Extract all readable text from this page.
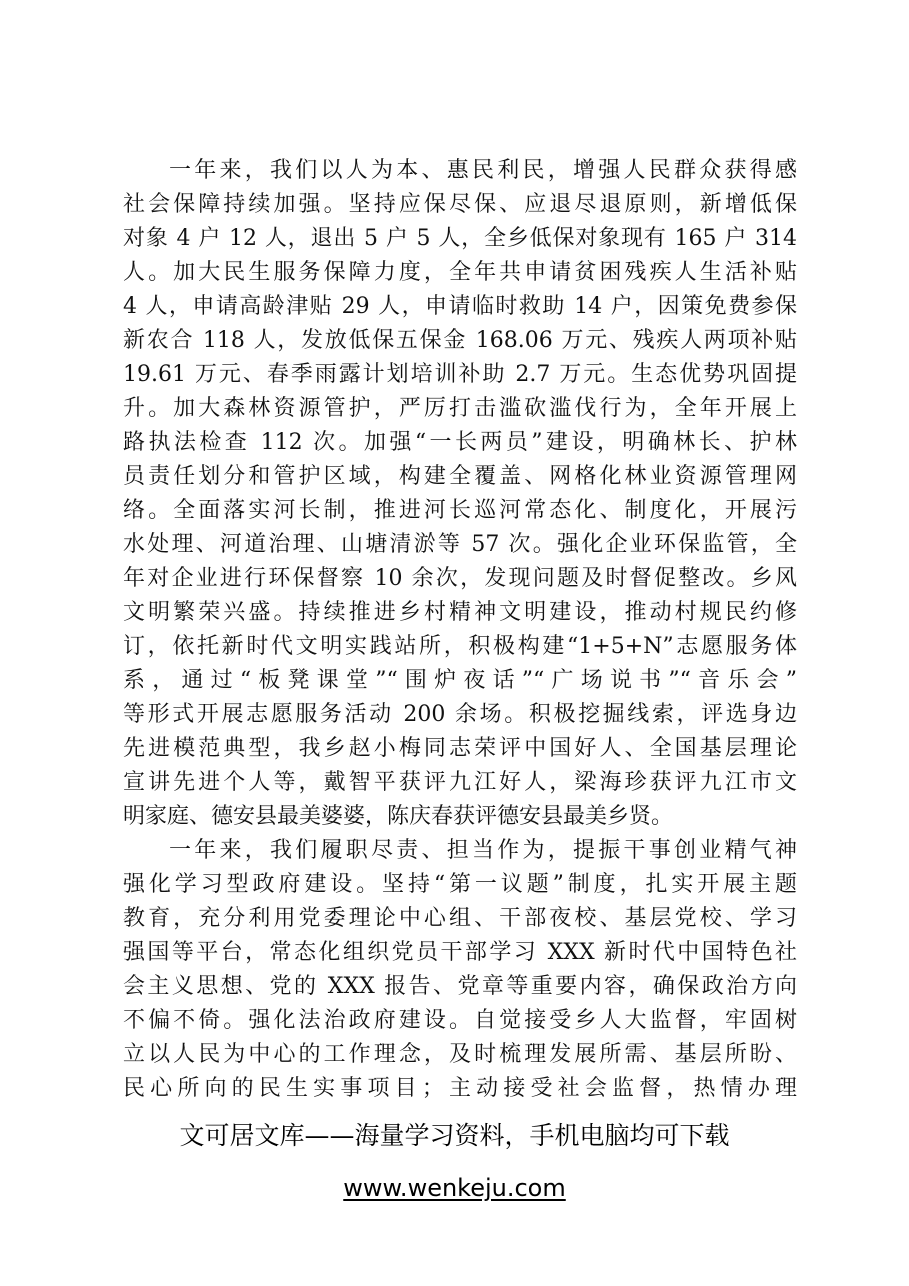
一年来，我们以人为本、惠民利民，增强人民群众获得感
社会保障持续加强。坚持应保尽保、应退尽退原则，新增低保
对象 4 户 12 人，退出 5 户 5 人，全乡低保对象现有 165 户 314
人。加大民生服务保障力度，全年共申请贫困残疾人生活补贴
4 人，申请高龄津贴 29 人，申请临时救助 14 户，因策免费参保
新农合 118 人，发放低保五保金 168.06 万元、残疾人两项补贴
19.61 万元、春季雨露计划培训补助 2.7 万元。生态优势巩固提
升。加大森林资源管护，严厉打击滥砍滥伐行为，全年开展上
路执法检查 112 次。加强“一长两员”建设，明确林长、护林
员责任划分和管护区域，构建全覆盖、网格化林业资源管理网
络。全面落实河长制，推进河长巡河常态化、制度化，开展污
水处理、河道治理、山塘清淤等 57 次。强化企业环保监管，全
年对企业进行环保督察 10 余次，发现问题及时督促整改。乡风
文明繁荣兴盛。持续推进乡村精神文明建设，推动村规民约修
订，依托新时代文明实践站所，积极构建“1+5+N”志愿服务体
系，通过“板凳课堂”“围炉夜话”“广场说书”“音乐会”
等形式开展志愿服务活动 200 余场。积极挖掘线索，评选身边
先进模范典型，我乡赵小梅同志荣评中国好人、全国基层理论
宣讲先进个人等，戴智平获评九江好人，梁海珍获评九江市文
明家庭、德安县最美婆婆，陈庆春获评德安县最美乡贤。
一年来，我们履职尽责、担当作为，提振干事创业精气神
强化学习型政府建设。坚持“第一议题”制度，扎实开展主题
教育，充分利用党委理论中心组、干部夜校、基层党校、学习
强国等平台，常态化组织党员干部学习 XXX 新时代中国特色社
会主义思想、党的 XXX 报告、党章等重要内容，确保政治方向
不偏不倚。强化法治政府建设。自觉接受乡人大监督，牢固树
立以人民为中心的工作理念，及时梳理发展所需、基层所盼、
民心所向的民生实事项目；主动接受社会监督，热情办理
文可居文库——海量学习资料，手机电脑均可下载
www.wenkeju.com
